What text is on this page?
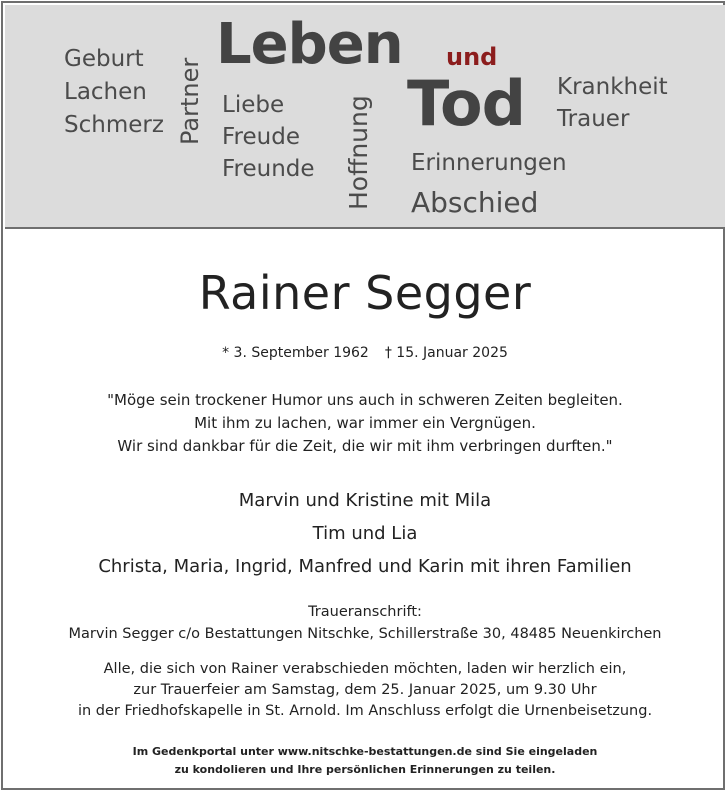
Leben und
Tod
Geburt
Lachen
Schmerz Partner Liebe
Freude
Freunde Hoffnung
Krankheit
Trauer
Erinnerungen
Abschied
Rainer Segger
* 3. September 1962 † 15. Januar 2025
"Möge sein trockener Humor uns auch in schweren Zeiten begleiten.
Mit ihm zu lachen, war immer ein Vergnügen.
Wir sind dankbar für die Zeit, die wir mit ihm verbringen durften."
Marvin und Kristine mit Mila
Tim und Lia
Christa, Maria, Ingrid, Manfred und Karin mit ihren Familien
Traueranschrift:
Marvin Segger c/o Bestattungen Nitschke, Schillerstraße 30, 48485 Neuenkirchen
Alle, die sich von Rainer verabschieden möchten, laden wir herzlich ein,
zur Trauerfeier am Samstag, dem 25. Januar 2025, um 9.30 Uhr
in der Friedhofskapelle in St. Arnold. Im Anschluss erfolgt die Urnenbeisetzung.
Im Gedenkportal unter www.nitschke-bestattungen.de sind Sie eingeladen
zu kondolieren und Ihre persönlichen Erinnerungen zu teilen.
